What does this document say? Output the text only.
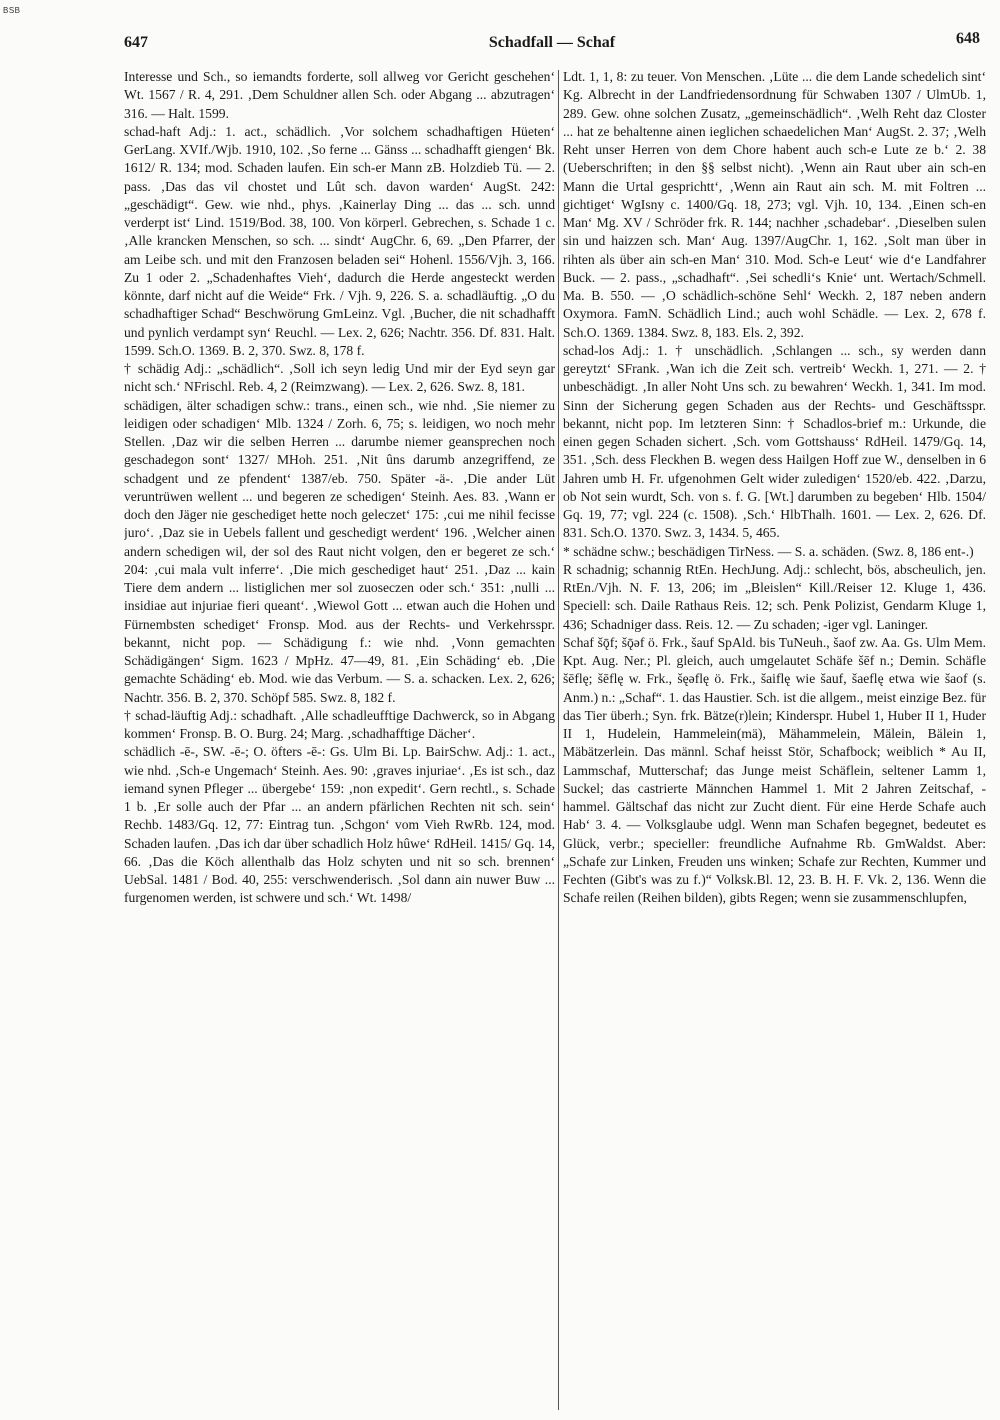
BSB
647	Schadfall — Schaf	648

Interesse und Sch., so iemandts forderte, soll allweg vor Gericht geschehen‘ Wt. 1567 / R. 4, 291. ‚Dem Schuldner allen Sch. oder Abgang ... abzutragen‘ 316. — Halt. 1599.

schad-haft Adj.: 1. act., schädlich. ‚Vor solchem schadhaftigen Hüeten‘ GerLang. XVIf./Wjb. 1910, 102. ‚So ferne ... Gänss ... schadhafft giengen‘ Bk. 1612/ R. 134; mod. Schaden laufen. Ein sch-er Mann zB. Holzdieb Tü. — 2. pass. ‚Das das vil chostet und Lût sch. davon warden‘ AugSt. 242: „geschädigt“. Gew. wie nhd., phys. ‚Kainerlay Ding ... das ... sch. unnd verderpt ist‘ Lind. 1519/Bod. 38, 100. Von körperl. Gebrechen, s. Schade 1 c. ‚Alle krancken Menschen, so sch. ... sindt‘ AugChr. 6, 69. „Den Pfarrer, der am Leibe sch. und mit den Franzosen beladen sei“ Hohenl. 1556/Vjh. 3, 166. Zu 1 oder 2. „Schadenhaftes Vieh‘, dadurch die Herde angesteckt werden könnte, darf nicht auf die Weide“ Frk. / Vjh. 9, 226. S. a. schadläuftig. „O du schadhaftiger Schad“ Beschwörung GmLeinz. Vgl. ‚Bucher, die nit schadhafft und pynlich verdampt syn‘ Reuchl. — Lex. 2, 626; Nachtr. 356. Df. 831. Halt. 1599. Sch.O. 1369. B. 2, 370. Swz. 8, 178 f.

† schädig Adj.: „schädlich“. ‚Soll ich seyn ledig Und mir der Eyd seyn gar nicht sch.‘ NFrischl. Reb. 4, 2 (Reimzwang). — Lex. 2, 626. Swz. 8, 181.

schädigen, älter schadigen schw.: trans., einen sch., wie nhd. ‚Sie niemer zu leidigen oder schadigen‘ Mlb. 1324 / Zorh. 6, 75; s. leidigen, wo noch mehr Stellen. ‚Daz wir die selben Herren ... darumbe niemer geansprechen noch geschadegon sont‘ 1327/ MHoh. 251. ‚Nit ûns darumb anzegriffend, ze schadgent und ze pfendent‘ 1387/eb. 750. Später -ä-. ‚Die ander Lüt veruntrüwen wellent ... und begeren ze schedigen‘ Steinh. Aes. 83. ‚Wann er doch den Jäger nie geschediget hette noch geleczet‘ 175: ‚cui me nihil fecisse juro‘. ‚Daz sie in Uebels fallent und geschedigt werdent‘ 196. ‚Welcher ainen andern schedigen wil, der sol des Raut nicht volgen, den er begeret ze sch.‘ 204: ‚cui mala vult inferre‘. ‚Die mich geschediget haut‘ 251. ‚Daz ... kain Tiere dem andern ... listiglichen mer sol zuoseczen oder sch.‘ 351: ‚nulli ... insidiae aut injuriae fieri queant‘. ‚Wiewol Gott ... etwan auch die Hohen und Fürnembsten schediget‘ Fronsp. Mod. aus der Rechts- und Verkehrsspr. bekannt, nicht pop. — Schädigung f.: wie nhd. ‚Vonn gemachten Schädigängen‘ Sigm. 1623 / MpHz. 47—49, 81. ‚Ein Schäding‘ eb. ‚Die gemachte Schäding‘ eb. Mod. wie das Verbum. — S. a. schacken. Lex. 2, 626; Nachtr. 356. B. 2, 370. Schöpf 585. Swz. 8, 182 f.

† schad-läuftig Adj.: schadhaft. ‚Alle schadleufftige Dachwerck, so in Abgang kommen‘ Fronsp. B. O. Burg. 24; Marg. ‚schadhafftige Dächer‘.

schädlich -ē-, SW. -ē-; O. öfters -ē-: Gs. Ulm Bi. Lp. BairSchw. Adj.: 1. act., wie nhd. ‚Sch-e Ungemach‘ Steinh. Aes. 90: ‚graves injuriae‘. ‚Es ist sch., daz iemand synen Pfleger ... übergebe‘ 159: ‚non expedit‘. Gern rechtl., s. Schade 1 b. ‚Er solle auch der Pfar ... an andern pfärlichen Rechten nit sch. sein‘ Rechb. 1483/Gq. 12, 77: Eintrag tun. ‚Schgon‘ vom Vieh RwRb. 124, mod. Schaden laufen. ‚Das ich dar über schadlich Holz hûwe‘ RdHeil. 1415/ Gq. 14, 66. ‚Das die Köch allenthalb das Holz schyten und nit so sch. brennen‘ UebSal. 1481 / Bod. 40, 255: verschwenderisch. ‚Sol dann ain nuwer Buw ... furgenomen werden, ist schwere und sch.‘ Wt. 1498/

Ldt. 1, 1, 8: zu teuer. Von Menschen. ‚Lüte ... die dem Lande schedelich sint‘ Kg. Albrecht in der Landfriedensordnung für Schwaben 1307 / UlmUb. 1, 289. Gew. ohne solchen Zusatz, „gemeinschädlich“. ‚Welh Reht daz Closter ... hat ze behaltenne ainen ieglichen schaedelichen Man‘ AugSt. 2. 37; ‚Welh Reht unser Herren von dem Chore habent auch sch-e Lute ze b.‘ 2. 38 (Ueberschriften; in den §§ selbst nicht). ‚Wenn ain Raut uber ain sch-en Mann die Urtal gesprichtt‘, ‚Wenn ain Raut ain sch. M. mit Foltren ... gichtiget‘ WgIsny c. 1400/Gq. 18, 273; vgl. Vjh. 10, 134. ‚Einen sch-en Man‘ Mg. XV / Schröder frk. R. 144; nachher ‚schadebar‘. ‚Dieselben sulen sin und haizzen sch. Man‘ Aug. 1397/AugChr. 1, 162. ‚Solt man über in rihten als über ain sch-en Man‘ 310. Mod. Sch-e Leut‘ wie d‘e Landfahrer Buck. — 2. pass., „schadhaft“. ‚Sei schedli‘s Knie‘ unt. Wertach/Schmell. Ma. B. 550. — ‚O schädlich-schöne Sehl‘ Weckh. 2, 187 neben andern Oxymora. FamN. Schädlich Lind.; auch wohl Schädle. — Lex. 2, 678 f. Sch.O. 1369. 1384. Swz. 8, 183. Els. 2, 392.

schad-los Adj.: 1. † unschädlich. ‚Schlangen ... sch., sy werden dann gereytzt‘ SFrank. ‚Wan ich die Zeit sch. vertreib‘ Weckh. 1, 271. — 2. † unbeschädigt. ‚In aller Noht Uns sch. zu bewahren‘ Weckh. 1, 341. Im mod. Sinn der Sicherung gegen Schaden aus der Rechts- und Geschäftsspr. bekannt, nicht pop. Im letzteren Sinn: † Schadlos-brief m.: Urkunde, die einen gegen Schaden sichert. ‚Sch. vom Gottshauss‘ RdHeil. 1479/Gq. 14, 351. ‚Sch. dess Fleckhen B. wegen dess Hailgen Hoff zue W., denselben in 6 Jahren umb H. Fr. ufgenohmen Gelt wider zuledigen‘ 1520/eb. 422. ‚Darzu, ob Not sein wurdt, Sch. von s. f. G. [Wt.] darumben zu begeben‘ Hlb. 1504/ Gq. 19, 77; vgl. 224 (c. 1508). ‚Sch.‘ HlbThalh. 1601. — Lex. 2, 626. Df. 831. Sch.O. 1370. Swz. 3, 1434. 5, 465.

* schädne schw.; beschädigen TirNess. — S. a. schäden. (Swz. 8, 186 ent-.)

R schadnig; schannig RtEn. HechJung. Adj.: schlecht, bös, abscheulich, jen. RtEn./Vjh. N. F. 13, 206; im „Bleislen“ Kill./Reiser 12. Kluge 1, 436. Speciell: sch. Daile Rathaus Reis. 12; sch. Penk Polizist, Gendarm Kluge 1, 436; Schadniger dass. Reis. 12. — Zu schaden; -iger vgl. Laninger.

Schaf šǭf; šǭəf ö. Frk., šauf SpAld. bis TuNeuh., šaof zw. Aa. Gs. Ulm Mem. Kpt. Aug. Ner.; Pl. gleich, auch umgelautet Schäfe šēf n.; Demin. Schäfle šēflę; šēflę w. Frk., šęəflę ö. Frk., šaiflę wie šauf, šaeflę etwa wie šaof (s. Anm.) n.: „Schaf“. 1. das Haustier. Sch. ist die allgem., meist einzige Bez. für das Tier überh.; Syn. frk. Bätze(r)lein; Kinderspr. Hubel 1, Huber II 1, Huder II 1, Hudelein, Hammelein(mä), Mähammelein, Mälein, Bälein 1, Mäbätzerlein. Das männl. Schaf heisst Stör, Schafbock; weiblich * Au II, Lammschaf, Mutterschaf; das Junge meist Schäflein, seltener Lamm 1, Suckel; das castrierte Männchen Hammel 1. Mit 2 Jahren Zeitschaf, -hammel. Gältschaf das nicht zur Zucht dient. Für eine Herde Schafe auch Hab‘ 3. 4. — Volksglaube udgl. Wenn man Schafen begegnet, bedeutet es Glück, verbr.; specieller: freundliche Aufnahme Rb. GmWaldst. Aber: „Schafe zur Linken, Freuden uns winken; Schafe zur Rechten, Kummer und Fechten (Gibt's was zu f.)“ Volksk.Bl. 12, 23. B. H. F. Vk. 2, 136. Wenn die Schafe reilen (Reihen bilden), gibts Regen; wenn sie zusammenschlupfen,
